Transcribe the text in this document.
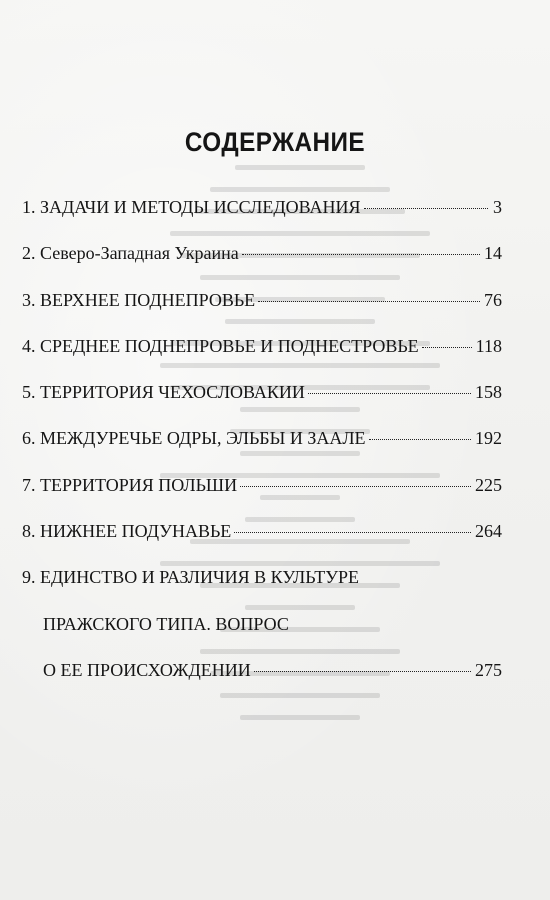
СОДЕРЖАНИЕ
1. ЗАДАЧИ И МЕТОДЫ ИССЛЕДОВАНИЯ	3
2. Северо-Западная Украина	14
3. ВЕРХНЕЕ ПОДНЕПРОВЬЕ	76
4. СРЕДНЕЕ ПОДНЕПРОВЬЕ И ПОДНЕСТРОВЬЕ	118
5. ТЕРРИТОРИЯ ЧЕХОСЛОВАКИИ	158
6. МЕЖДУРЕЧЬЕ ОДРЫ, ЭЛЬБЫ И ЗААЛЕ	192
7. ТЕРРИТОРИЯ ПОЛЬШИ	225
8. НИЖНЕЕ ПОДУНАВЬЕ	264
9. ЕДИНСТВО И РАЗЛИЧИЯ В КУЛЬТУРЕ
ПРАЖСКОГО ТИПА. ВОПРОС
О ЕЕ ПРОИСХОЖДЕНИИ	275
